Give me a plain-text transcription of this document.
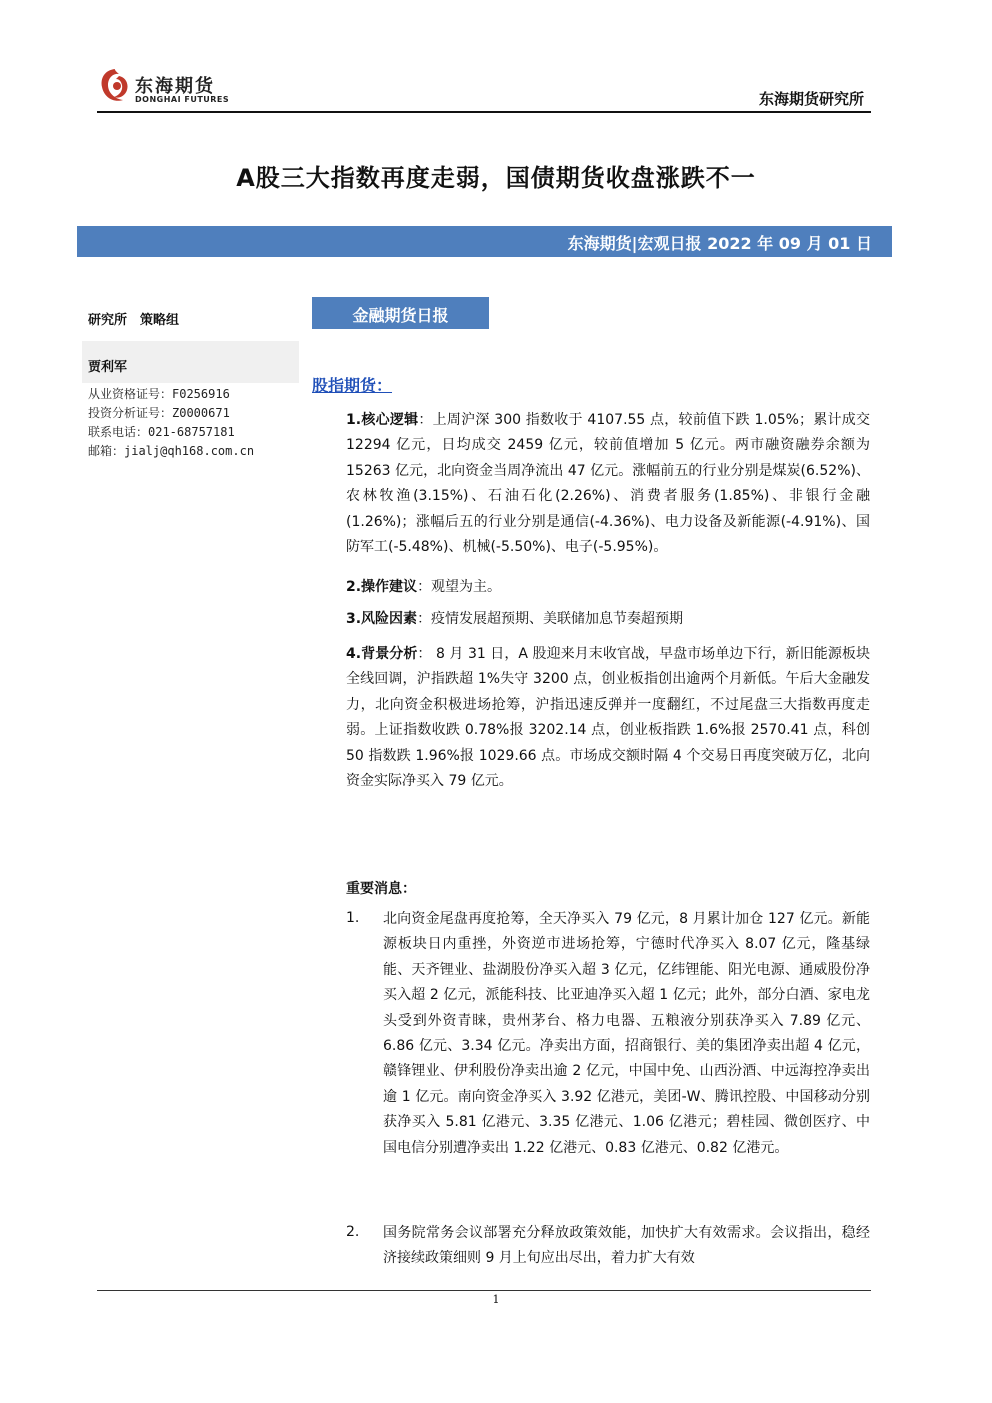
东海期货
DONGHAI FUTURES	东海期货研究所
A股三大指数再度走弱，国债期货收盘涨跌不一
东海期货|宏观日报 2022 年 09 月 01 日
研究所　策略组
贾利军
从业资格证号：F0256916
投资分析证号：Z0000671
联系电话：021-68757181
邮箱：jialj@qh168.com.cn
金融期货日报
股指期货：
1.核心逻辑：上周沪深 300 指数收于 4107.55 点，较前值下跌 1.05%；累计成交 12294 亿元，日均成交 2459 亿元，较前值增加 5 亿元。两市融资融券余额为 15263 亿元，北向资金当周净流出 47 亿元。涨幅前五的行业分别是煤炭(6.52%)、农林牧渔(3.15%)、石油石化(2.26%)、消费者服务(1.85%)、非银行金融(1.26%)；涨幅后五的行业分别是通信(-4.36%)、电力设备及新能源(-4.91%)、国防军工(-5.48%)、机械(-5.50%)、电子(-5.95%)。
2.操作建议：观望为主。
3.风险因素：疫情发展超预期、美联储加息节奏超预期
4.背景分析： 8 月 31 日，A 股迎来月末收官战，早盘市场单边下行，新旧能源板块全线回调，沪指跌超 1%失守 3200 点，创业板指创出逾两个月新低。午后大金融发力，北向资金积极进场抢筹，沪指迅速反弹并一度翻红，不过尾盘三大指数再度走弱。上证指数收跌 0.78%报 3202.14 点，创业板指跌 1.6%报 2570.41 点，科创 50 指数跌 1.96%报 1029.66 点。市场成交额时隔 4 个交易日再度突破万亿，北向资金实际净买入 79 亿元。
重要消息：
1. 北向资金尾盘再度抢筹，全天净买入 79 亿元，8 月累计加仓 127 亿元。新能源板块日内重挫，外资逆市进场抢筹，宁德时代净买入 8.07 亿元，隆基绿能、天齐锂业、盐湖股份净买入超 3 亿元，亿纬锂能、阳光电源、通威股份净买入超 2 亿元，派能科技、比亚迪净买入超 1 亿元；此外，部分白酒、家电龙头受到外资青睐，贵州茅台、格力电器、五粮液分别获净买入 7.89 亿元、6.86 亿元、3.34 亿元。净卖出方面，招商银行、美的集团净卖出超 4 亿元，赣锋锂业、伊利股份净卖出逾 2 亿元，中国中免、山西汾酒、中远海控净卖出逾 1 亿元。南向资金净买入 3.92 亿港元，美团-W、腾讯控股、中国移动分别获净买入 5.81 亿港元、3.35 亿港元、1.06 亿港元；碧桂园、微创医疗、中国电信分别遭净卖出 1.22 亿港元、0.83 亿港元、0.82 亿港元。
2. 国务院常务会议部署充分释放政策效能，加快扩大有效需求。会议指出，稳经济接续政策细则 9 月上旬应出尽出，着力扩大有效
1
